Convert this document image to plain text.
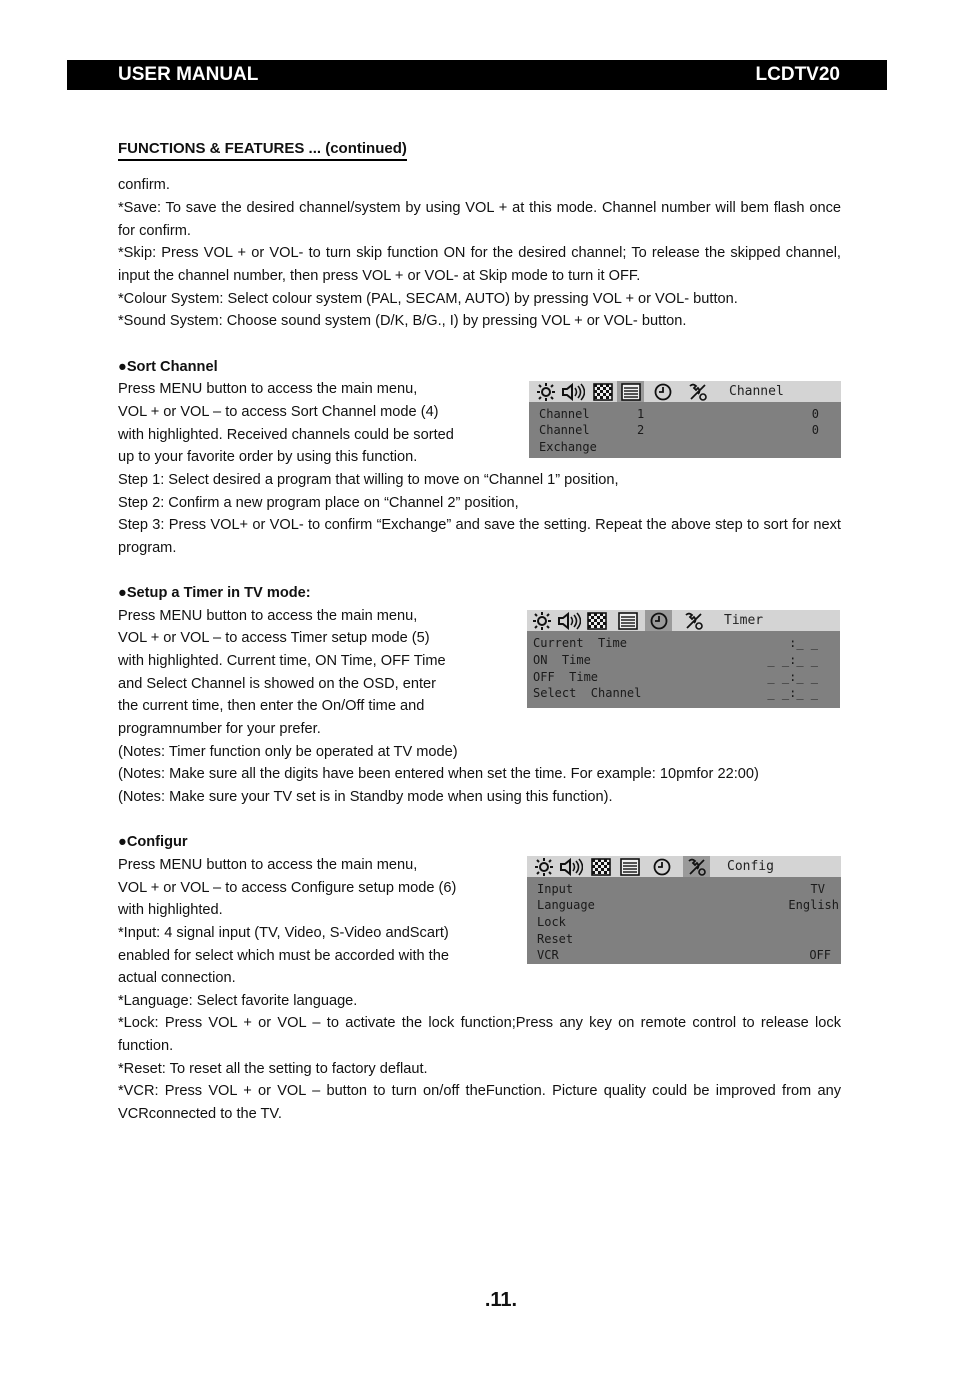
USER MANUAL	LCDTV20
FUNCTIONS & FEATURES ... (continued)

confirm.

*Save: To save the desired channel/system by using VOL + at this mode. Channel number will bem flash once for confirm.

*Skip: Press VOL + or VOL- to turn skip function ON for the desired channel; To release the skipped channel, input the channel number, then press VOL + or VOL- at Skip mode to turn it OFF.

*Colour System: Select colour system (PAL, SECAM, AUTO) by pressing VOL + or VOL- button.

*Sound System: Choose sound system (D/K, B/G., I) by pressing VOL + or VOL- button.

●Sort Channel
Press MENU button to access the main menu,
VOL + or VOL – to access Sort Channel mode (4)
with highlighted. Received channels could be sorted
up to your favorite order by using this function.
Step 1: Select desired a program that willing to move on “Channel 1” position,
Step 2: Confirm a new program place on “Channel 2” position,

Step 3: Press VOL+ or VOL- to confirm “Exchange” and save the setting. Repeat the above step to sort for next program.

Channel
Channel	1	0
Channel	2	0
Exchange
●Setup a Timer in TV mode:
Press MENU button to access the main menu,
VOL + or VOL – to access Timer setup mode (5)
with highlighted. Current time, ON Time, OFF Time
and Select Channel is showed on the OSD, enter
the current time, then enter the On/Off time and
programnumber for your prefer.
(Notes: Timer function only be operated at TV mode)
(Notes: Make sure all the digits have been entered when set the time. For example: 10pmfor 22:00)
(Notes: Make sure your TV set is in Standby mode when using this function).
Timer
Current  Time	:_ _
ON  Time	_ _:_ _
OFF  Time	_ _:_ _
Select  Channel	_ _:_ _
●Configur
Press MENU button to access the main menu,
VOL + or VOL – to access Configure setup mode (6)
with highlighted.
*Input: 4 signal input (TV, Video, S-Video andScart)
enabled for select which must be accorded with the
actual connection.
*Language: Select favorite language.

*Lock: Press VOL + or VOL – to activate the lock function;Press any key on remote control to release lock function.

*Reset: To reset all the setting to factory deflaut.

*VCR: Press VOL + or VOL – button to turn on/off theFunction. Picture quality could be improved from any VCRconnected to the TV.

Config
Input	TV
Language	English
Lock
Reset
VCR	OFF
.11.
